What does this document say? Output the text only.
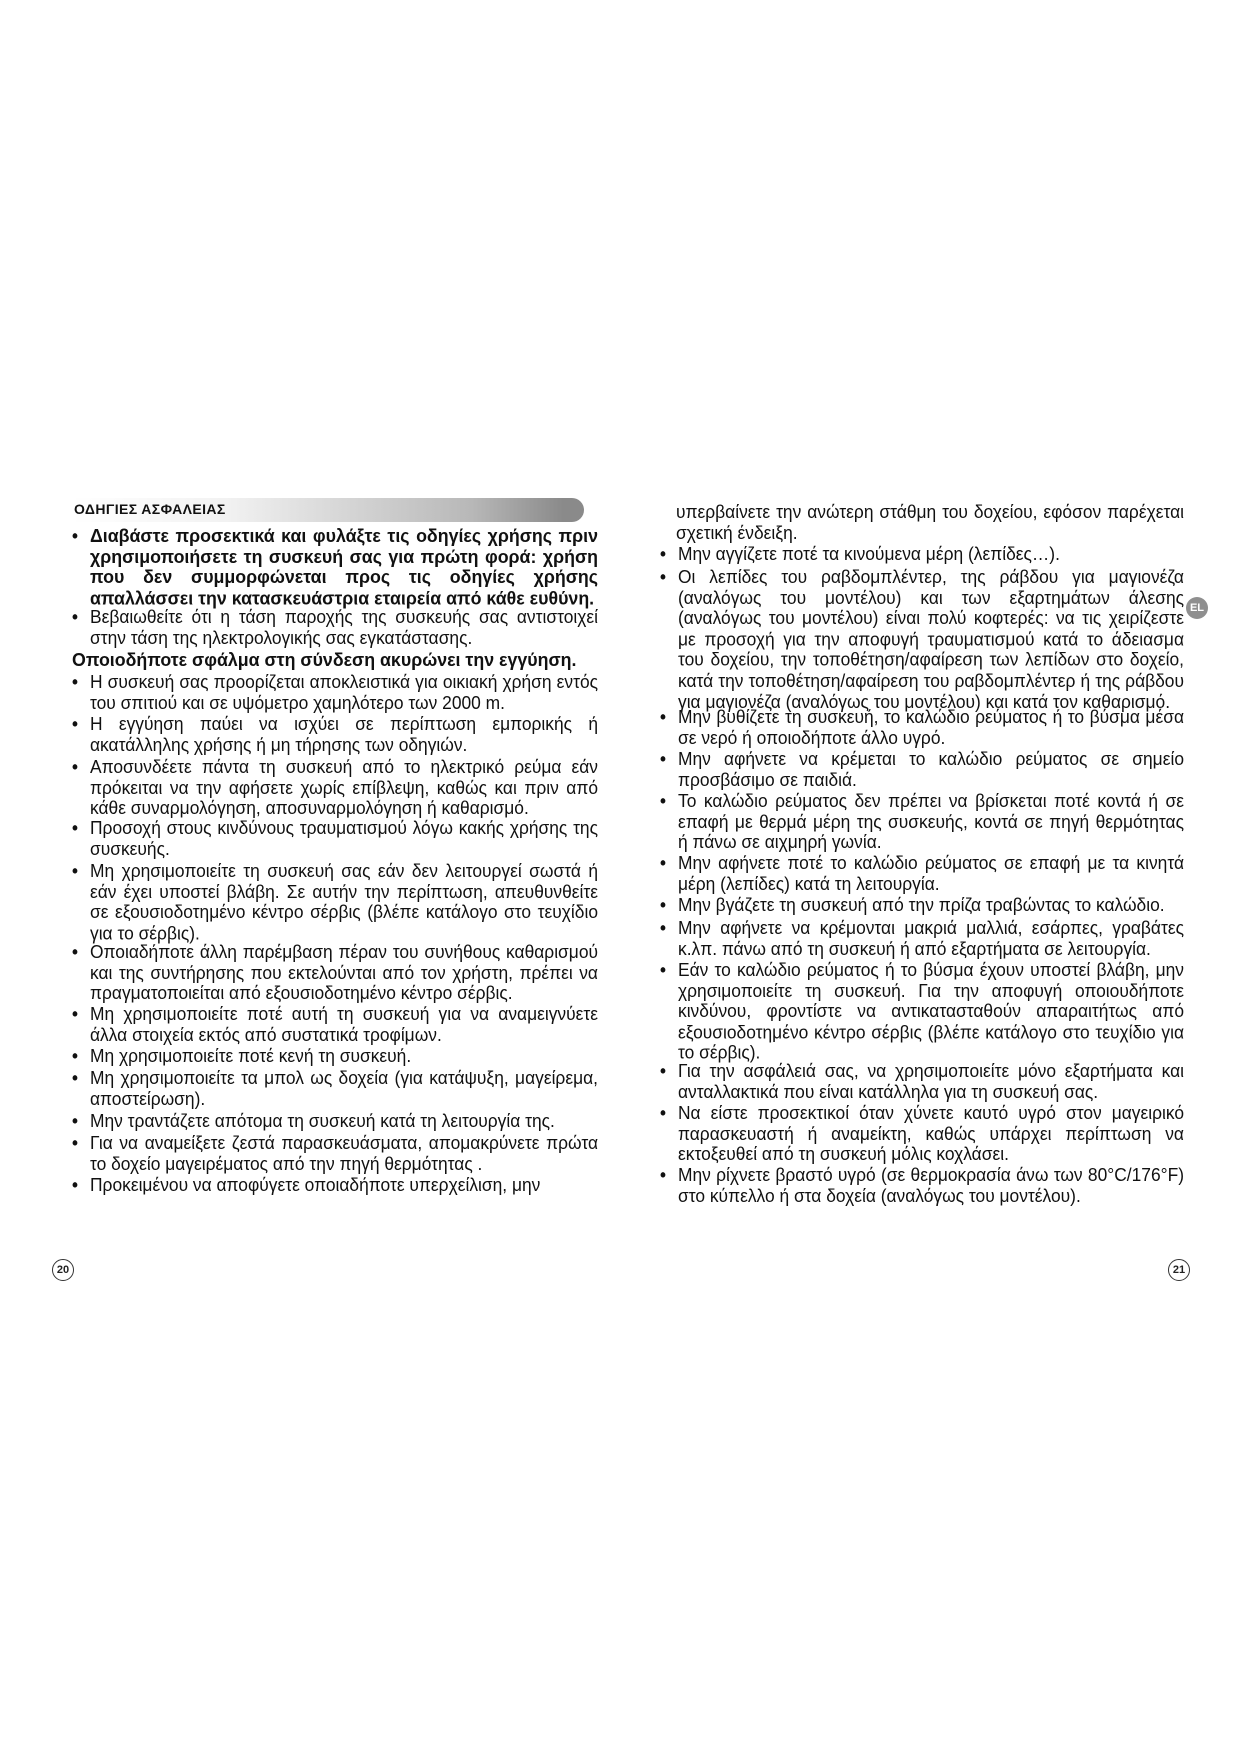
ΟΔΗΓΙΕΣ ΑΣΦΑΛΕΙΑΣ
• Διαβάστε προσεκτικά και φυλάξτε τις οδηγίες χρήσης πριν χρησιμοποιήσετε τη συσκευή σας για πρώτη φορά: χρήση που δεν συμμορφώνεται προς τις οδηγίες χρήσης απαλλάσσει την κατασκευάστρια εταιρεία από κάθε ευθύνη.
• Βεβαιωθείτε ότι η τάση παροχής της συσκευής σας αντιστοιχεί στην τάση της ηλεκτρολογικής σας εγκατάστασης.
Οποιοδήποτε σφάλμα στη σύνδεση ακυρώνει την εγγύηση.
• Η συσκευή σας προορίζεται αποκλειστικά για οικιακή χρήση εντός του σπιτιού και σε υψόμετρο χαμηλότερο των 2000 m.
• Η εγγύηση παύει να ισχύει σε περίπτωση εμπορικής ή ακατάλληλης χρήσης ή μη τήρησης των οδηγιών.
• Αποσυνδέετε πάντα τη συσκευή από το ηλεκτρικό ρεύμα εάν πρόκειται να την αφήσετε χωρίς επίβλεψη, καθώς και πριν από κάθε συναρμολόγηση, αποσυναρμολόγηση ή καθαρισμό.
• Προσοχή στους κινδύνους τραυματισμού λόγω κακής χρήσης της συσκευής.
• Μη χρησιμοποιείτε τη συσκευή σας εάν δεν λειτουργεί σωστά ή εάν έχει υποστεί βλάβη. Σε αυτήν την περίπτωση, απευθυνθείτε σε εξουσιοδοτημένο κέντρο σέρβις (βλέπε κατάλογο στο τευχίδιο για το σέρβις).
• Οποιαδήποτε άλλη παρέμβαση πέραν του συνήθους καθαρισμού και της συντήρησης που εκτελούνται από τον χρήστη, πρέπει να πραγματοποιείται από εξουσιοδοτημένο κέντρο σέρβις.
• Μη χρησιμοποιείτε ποτέ αυτή τη συσκευή για να αναμειγνύετε άλλα στοιχεία εκτός από συστατικά τροφίμων.
• Μη χρησιμοποιείτε ποτέ κενή τη συσκευή.
• Μη χρησιμοποιείτε τα μπολ ως δοχεία (για κατάψυξη, μαγείρεμα, αποστείρωση).
• Μην τραντάζετε απότομα τη συσκευή κατά τη λειτουργία της.
• Για να αναμείξετε ζεστά παρασκευάσματα, απομακρύνετε πρώτα το δοχείο μαγειρέματος από την πηγή θερμότητας .
• Προκειμένου να αποφύγετε οποιαδήποτε υπερχείλιση, μην
υπερβαίνετε την ανώτερη στάθμη του δοχείου, εφόσον παρέχεται σχετική ένδειξη.
• Μην αγγίζετε ποτέ τα κινούμενα μέρη (λεπίδες…).
• Οι λεπίδες του ραβδομπλέντερ, της ράβδου για μαγιονέζα (αναλόγως του μοντέλου) και των εξαρτημάτων άλεσης (αναλόγως του μοντέλου) είναι πολύ κοφτερές: να τις χειρίζεστε με προσοχή για την αποφυγή τραυματισμού κατά το άδειασμα του δοχείου, την τοποθέτηση/αφαίρεση των λεπίδων στο δοχείο, κατά την τοποθέτηση/αφαίρεση του ραβδομπλέντερ ή της ράβδου για μαγιονέζα (αναλόγως του μοντέλου) και κατά τον καθαρισμό.
• Μην βυθίζετε τη συσκευή, το καλώδιο ρεύματος ή το βύσμα μέσα σε νερό ή οποιοδήποτε άλλο υγρό.
• Μην αφήνετε να κρέμεται το καλώδιο ρεύματος σε σημείο προσβάσιμο σε παιδιά.
• Το καλώδιο ρεύματος δεν πρέπει να βρίσκεται ποτέ κοντά ή σε επαφή με θερμά μέρη της συσκευής, κοντά σε πηγή θερμότητας ή πάνω σε αιχμηρή γωνία.
• Μην αφήνετε ποτέ το καλώδιο ρεύματος σε επαφή με τα κινητά μέρη (λεπίδες) κατά τη λειτουργία.
• Μην βγάζετε τη συσκευή από την πρίζα τραβώντας το καλώδιο.
• Μην αφήνετε να κρέμονται μακριά μαλλιά, εσάρπες, γραβάτες κ.λπ. πάνω από τη συσκευή ή από εξαρτήματα σε λειτουργία.
• Εάν το καλώδιο ρεύματος ή το βύσμα έχουν υποστεί βλάβη, μην χρησιμοποιείτε τη συσκευή. Για την αποφυγή οποιουδήποτε κινδύνου, φροντίστε να αντικατασταθούν απαραιτήτως από εξουσιοδοτημένο κέντρο σέρβις (βλέπε κατάλογο στο τευχίδιο για το σέρβις).
• Για την ασφάλειά σας, να χρησιμοποιείτε μόνο εξαρτήματα και ανταλλακτικά που είναι κατάλληλα για τη συσκευή σας.
• Να είστε προσεκτικοί όταν χύνετε καυτό υγρό στον μαγειρικό παρασκευαστή ή αναμείκτη, καθώς υπάρχει περίπτωση να εκτοξευθεί από τη συσκευή μόλις κοχλάσει.
• Μην ρίχνετε βραστό υγρό (σε θερμοκρασία άνω των 80°C/176°F) στο κύπελλο ή στα δοχεία (αναλόγως του μοντέλου).
EL
20	21
